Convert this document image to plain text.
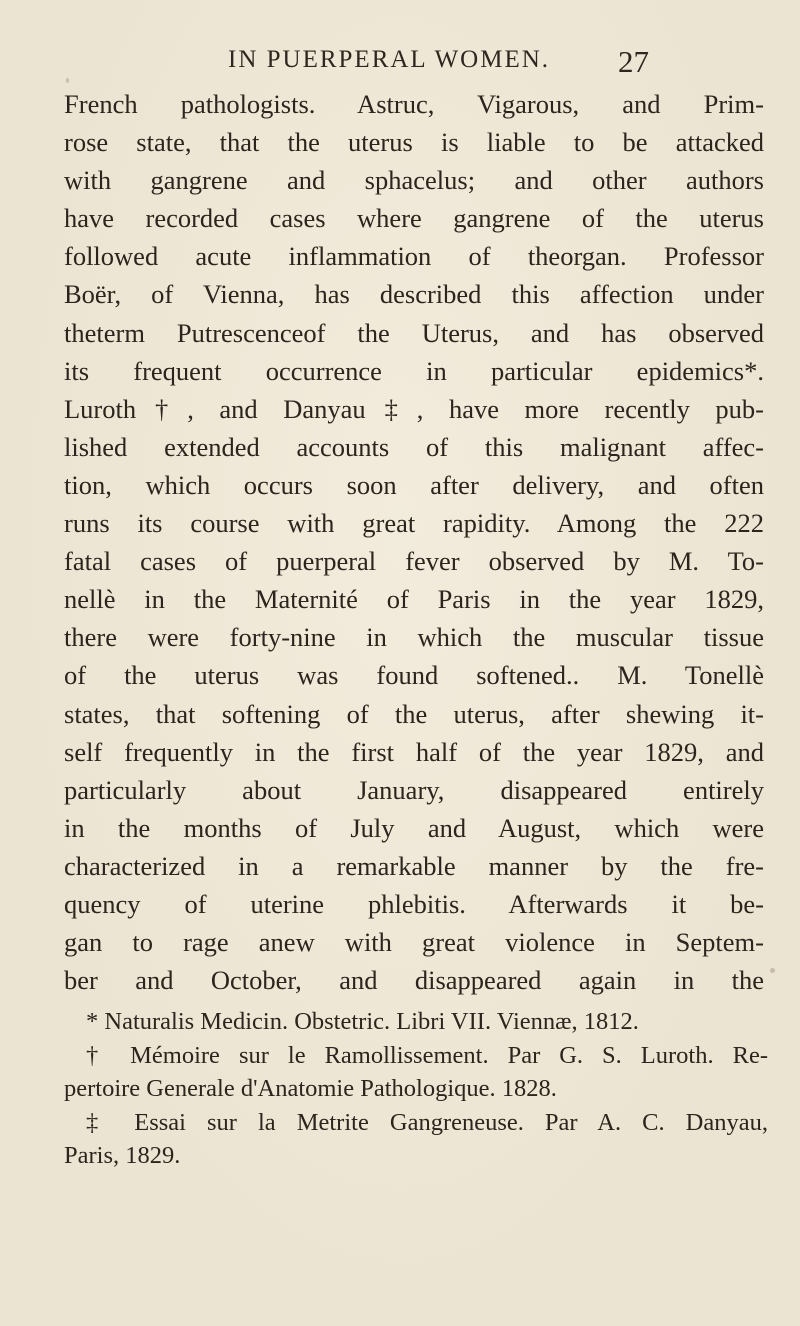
IN PUERPERAL WOMEN. 27
French pathologists. Astruc, Vigarous, and Prim-
rose state, that the uterus is liable to be attacked
with gangrene and sphacelus; and other authors
have recorded cases where gangrene of the uterus
followed acute inflammation of theorgan. Professor
Boër, of Vienna, has described this affection under
theterm Putrescenceof the Uterus, and has observed
its frequent occurrence in particular epidemics*.
Luroth†, and Danyau‡, have more recently pub-
lished extended accounts of this malignant affec-
tion, which occurs soon after delivery, and often
runs its course with great rapidity. Among the 222
fatal cases of puerperal fever observed by M. To-
nellè in the Maternité of Paris in the year 1829,
there were forty-nine in which the muscular tissue
of the uterus was found softened.. M. Tonellè
states, that softening of the uterus, after shewing it-
self frequently in the first half of the year 1829, and
particularly about January, disappeared entirely
in the months of July and August, which were
characterized in a remarkable manner by the fre-
quency of uterine phlebitis. Afterwards it be-
gan to rage anew with great violence in Septem-
ber and October, and disappeared again in the
* Naturalis Medicin. Obstetric. Libri VII. Viennæ, 1812.
† Mémoire sur le Ramollissement. Par G. S. Luroth. Re-
pertoire Generale d'Anatomie Pathologique. 1828.
‡ Essai sur la Metrite Gangreneuse. Par A. C. Danyau,
Paris, 1829.
